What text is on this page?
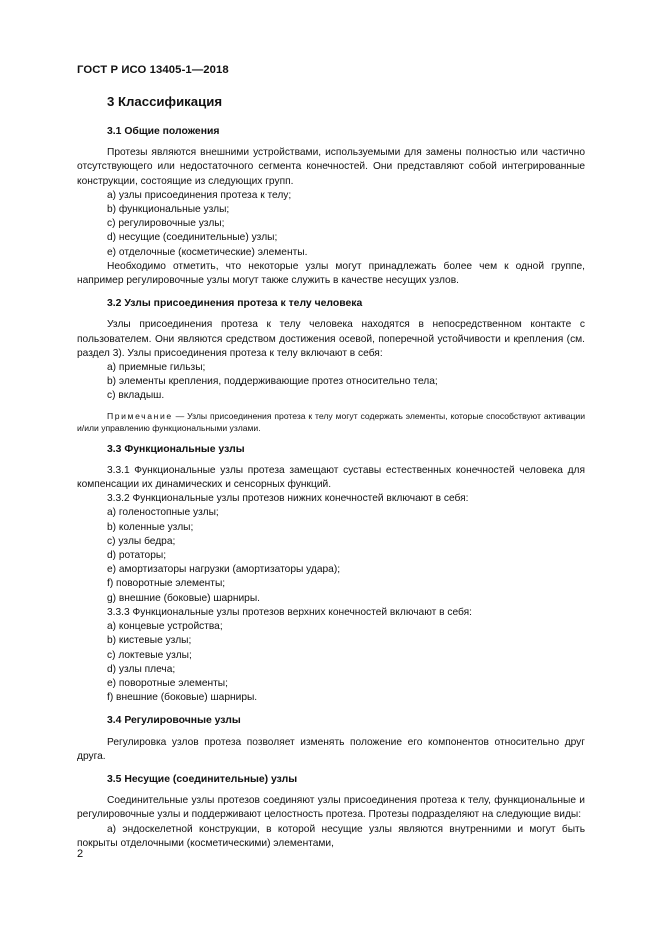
ГОСТ Р ИСО 13405-1—2018
3 Классификация
3.1 Общие положения

Протезы являются внешними устройствами, используемыми для замены полностью или частично отсутствующего или недостаточного сегмента конечностей. Они представляют собой интегрированные конструкции, состоящие из следующих групп.

а) узлы присоединения протеза к телу;
b) функциональные узлы;
c) регулировочные узлы;
d) несущие (соединительные) узлы;
e) отделочные (косметические) элементы.

Необходимо отметить, что некоторые узлы могут принадлежать более чем к одной группе, например регулировочные узлы могут также служить в качестве несущих узлов.

3.2 Узлы присоединения протеза к телу человека

Узлы присоединения протеза к телу человека находятся в непосредственном контакте с пользователем. Они являются средством достижения осевой, поперечной устойчивости и крепления (см. раздел 3). Узлы присоединения протеза к телу включают в себя:

а) приемные гильзы;
b) элементы крепления, поддерживающие протез относительно тела;
c) вкладыш.

Примечание — Узлы присоединения протеза к телу могут содержать элементы, которые способствуют активации и/или управлению функциональными узлами.

3.3 Функциональные узлы

3.3.1 Функциональные узлы протеза замещают суставы естественных конечностей человека для компенсации их динамических и сенсорных функций.

3.3.2 Функциональные узлы протезов нижних конечностей включают в себя:

а) голеностопные узлы;
b) коленные узлы;
c) узлы бедра;
d) ротаторы;
e) амортизаторы нагрузки (амортизаторы удара);
f) поворотные элементы;
g) внешние (боковые) шарниры.

3.3.3 Функциональные узлы протезов верхних конечностей включают в себя:

а) концевые устройства;
b) кистевые узлы;
c) локтевые узлы;
d) узлы плеча;
e) поворотные элементы;
f) внешние (боковые) шарниры.
3.4 Регулировочные узлы

Регулировка узлов протеза позволяет изменять положение его компонентов относительно друг друга.

3.5 Несущие (соединительные) узлы

Соединительные узлы протезов соединяют узлы присоединения протеза к телу, функциональные и регулировочные узлы и поддерживают целостность протеза. Протезы подразделяют на следующие виды:

а) эндоскелетной конструкции, в которой несущие узлы являются внутренними и могут быть покрыты отделочными (косметическими) элементами,

2
